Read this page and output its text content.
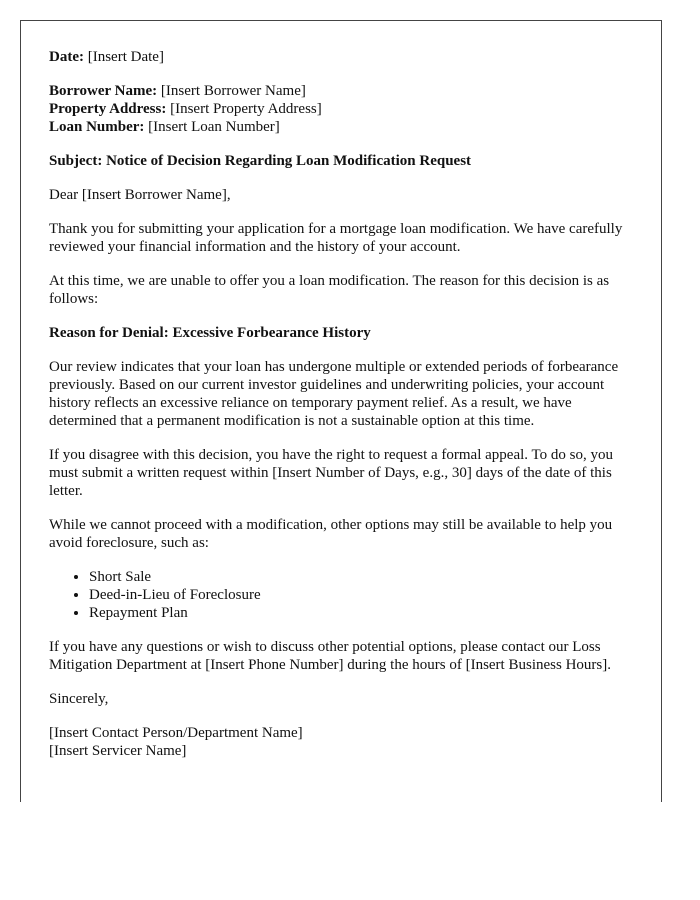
Date: [Insert Date]

Borrower Name: [Insert Borrower Name]
Property Address: [Insert Property Address]
Loan Number: [Insert Loan Number]

Subject: Notice of Decision Regarding Loan Modification Request

Dear [Insert Borrower Name],

Thank you for submitting your application for a mortgage loan modification. We have carefully reviewed your financial information and the history of your account.

At this time, we are unable to offer you a loan modification. The reason for this decision is as follows:

Reason for Denial: Excessive Forbearance History

Our review indicates that your loan has undergone multiple or extended periods of forbearance previously. Based on our current investor guidelines and underwriting policies, your account history reflects an excessive reliance on temporary payment relief. As a result, we have determined that a permanent modification is not a sustainable option at this time.

If you disagree with this decision, you have the right to request a formal appeal. To do so, you must submit a written request within [Insert Number of Days, e.g., 30] days of the date of this letter.

While we cannot proceed with a modification, other options may still be available to help you avoid foreclosure, such as:

• Short Sale
• Deed-in-Lieu of Foreclosure
• Repayment Plan

If you have any questions or wish to discuss other potential options, please contact our Loss Mitigation Department at [Insert Phone Number] during the hours of [Insert Business Hours].

Sincerely,

[Insert Contact Person/Department Name]
[Insert Servicer Name]
